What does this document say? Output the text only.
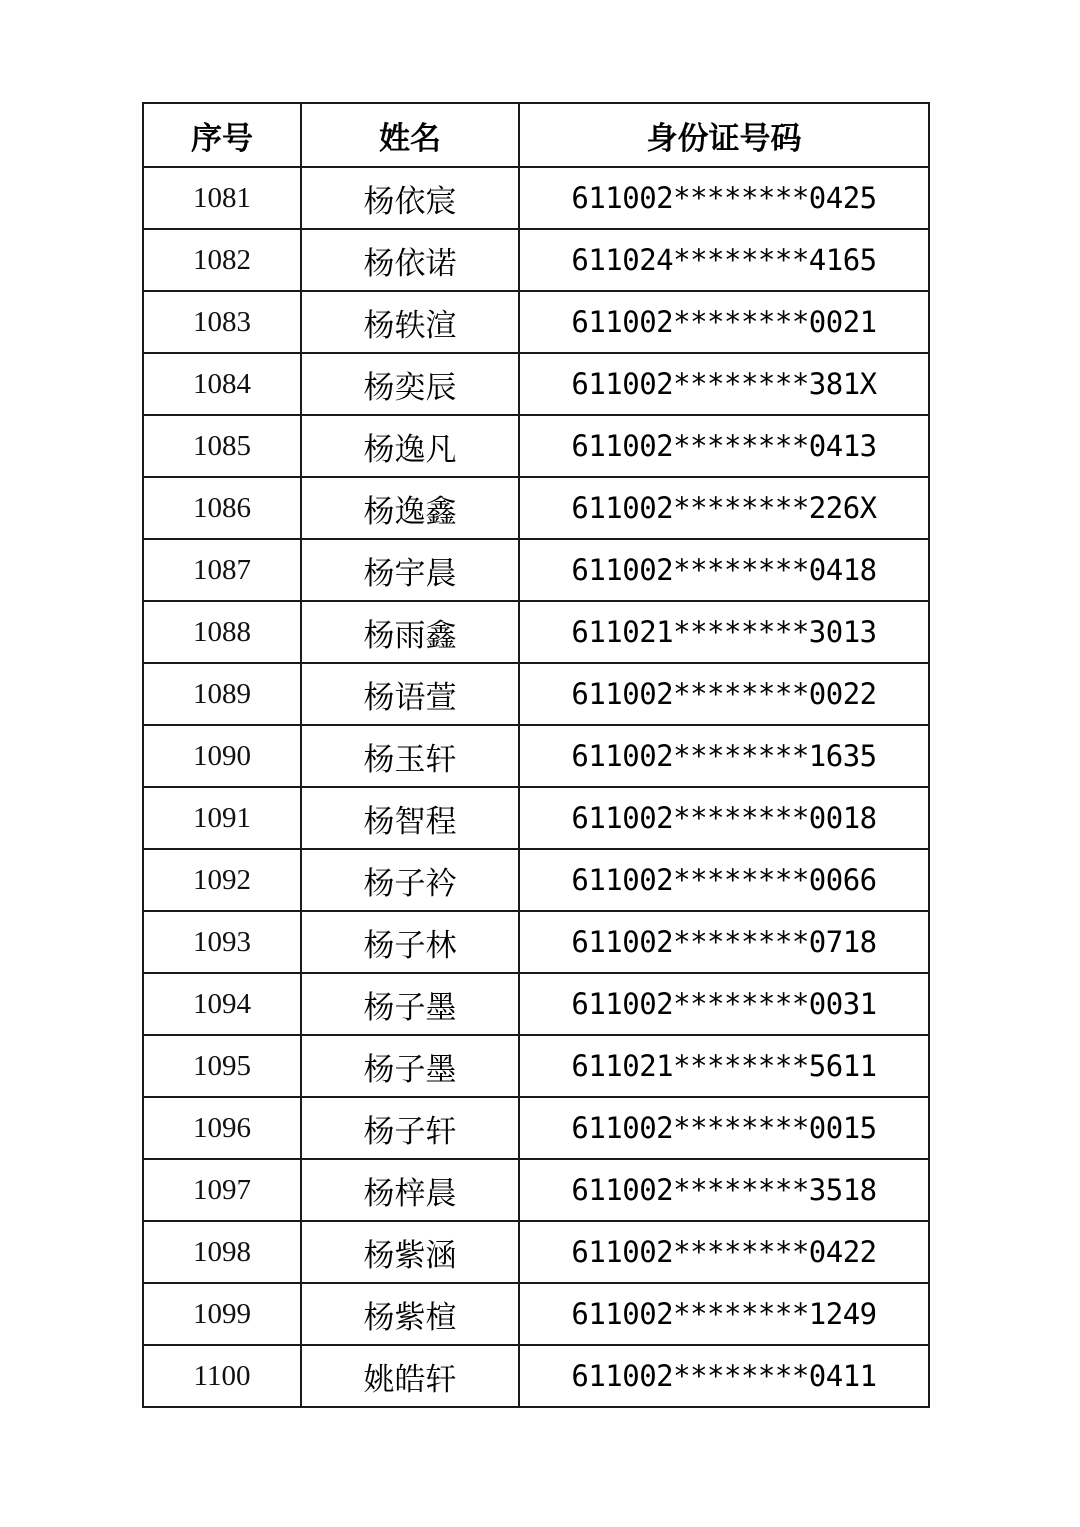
序号	姓名	身份证号码
1081	杨依宸	611002********0425
1082	杨依诺	611024********4165
1083	杨轶渲	611002********0021
1084	杨奕辰	611002********381X
1085	杨逸凡	611002********0413
1086	杨逸鑫	611002********226X
1087	杨宇晨	611002********0418
1088	杨雨鑫	611021********3013
1089	杨语萱	611002********0022
1090	杨玉轩	611002********1635
1091	杨智程	611002********0018
1092	杨子衿	611002********0066
1093	杨子林	611002********0718
1094	杨子墨	611002********0031
1095	杨子墨	611021********5611
1096	杨子轩	611002********0015
1097	杨梓晨	611002********3518
1098	杨紫涵	611002********0422
1099	杨紫楦	611002********1249
1100	姚皓轩	611002********0411
